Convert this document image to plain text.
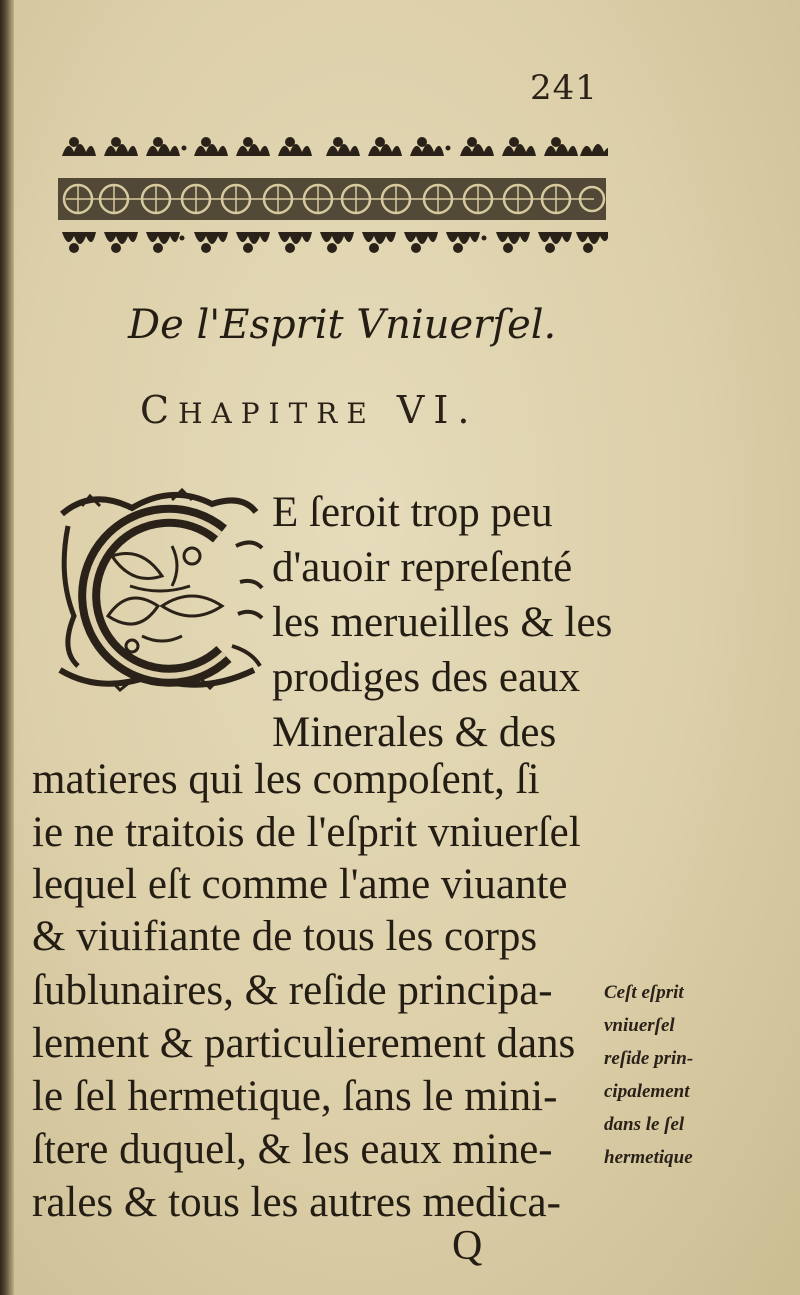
241
De l'Esprit Vniuerſel.
CHAPITRE VI.
E ſeroit trop peu
d'auoir repreſenté
les merueilles & les
prodiges des eaux
Minerales & des
matieres qui les compoſent, ſi
ie ne traitois de l'eſprit vniuerſel
lequel eſt comme l'ame viuante
& viuifiante de tous les corps
ſublunaires, & reſide principa-
lement & particulierement dans
le ſel hermetique, ſans le mini-
ſtere duquel, & les eaux mine-
rales & tous les autres medica-
Ceſt eſprit
vniuerſel
reſide prin-
cipalement
dans le ſel
hermetique
Q
